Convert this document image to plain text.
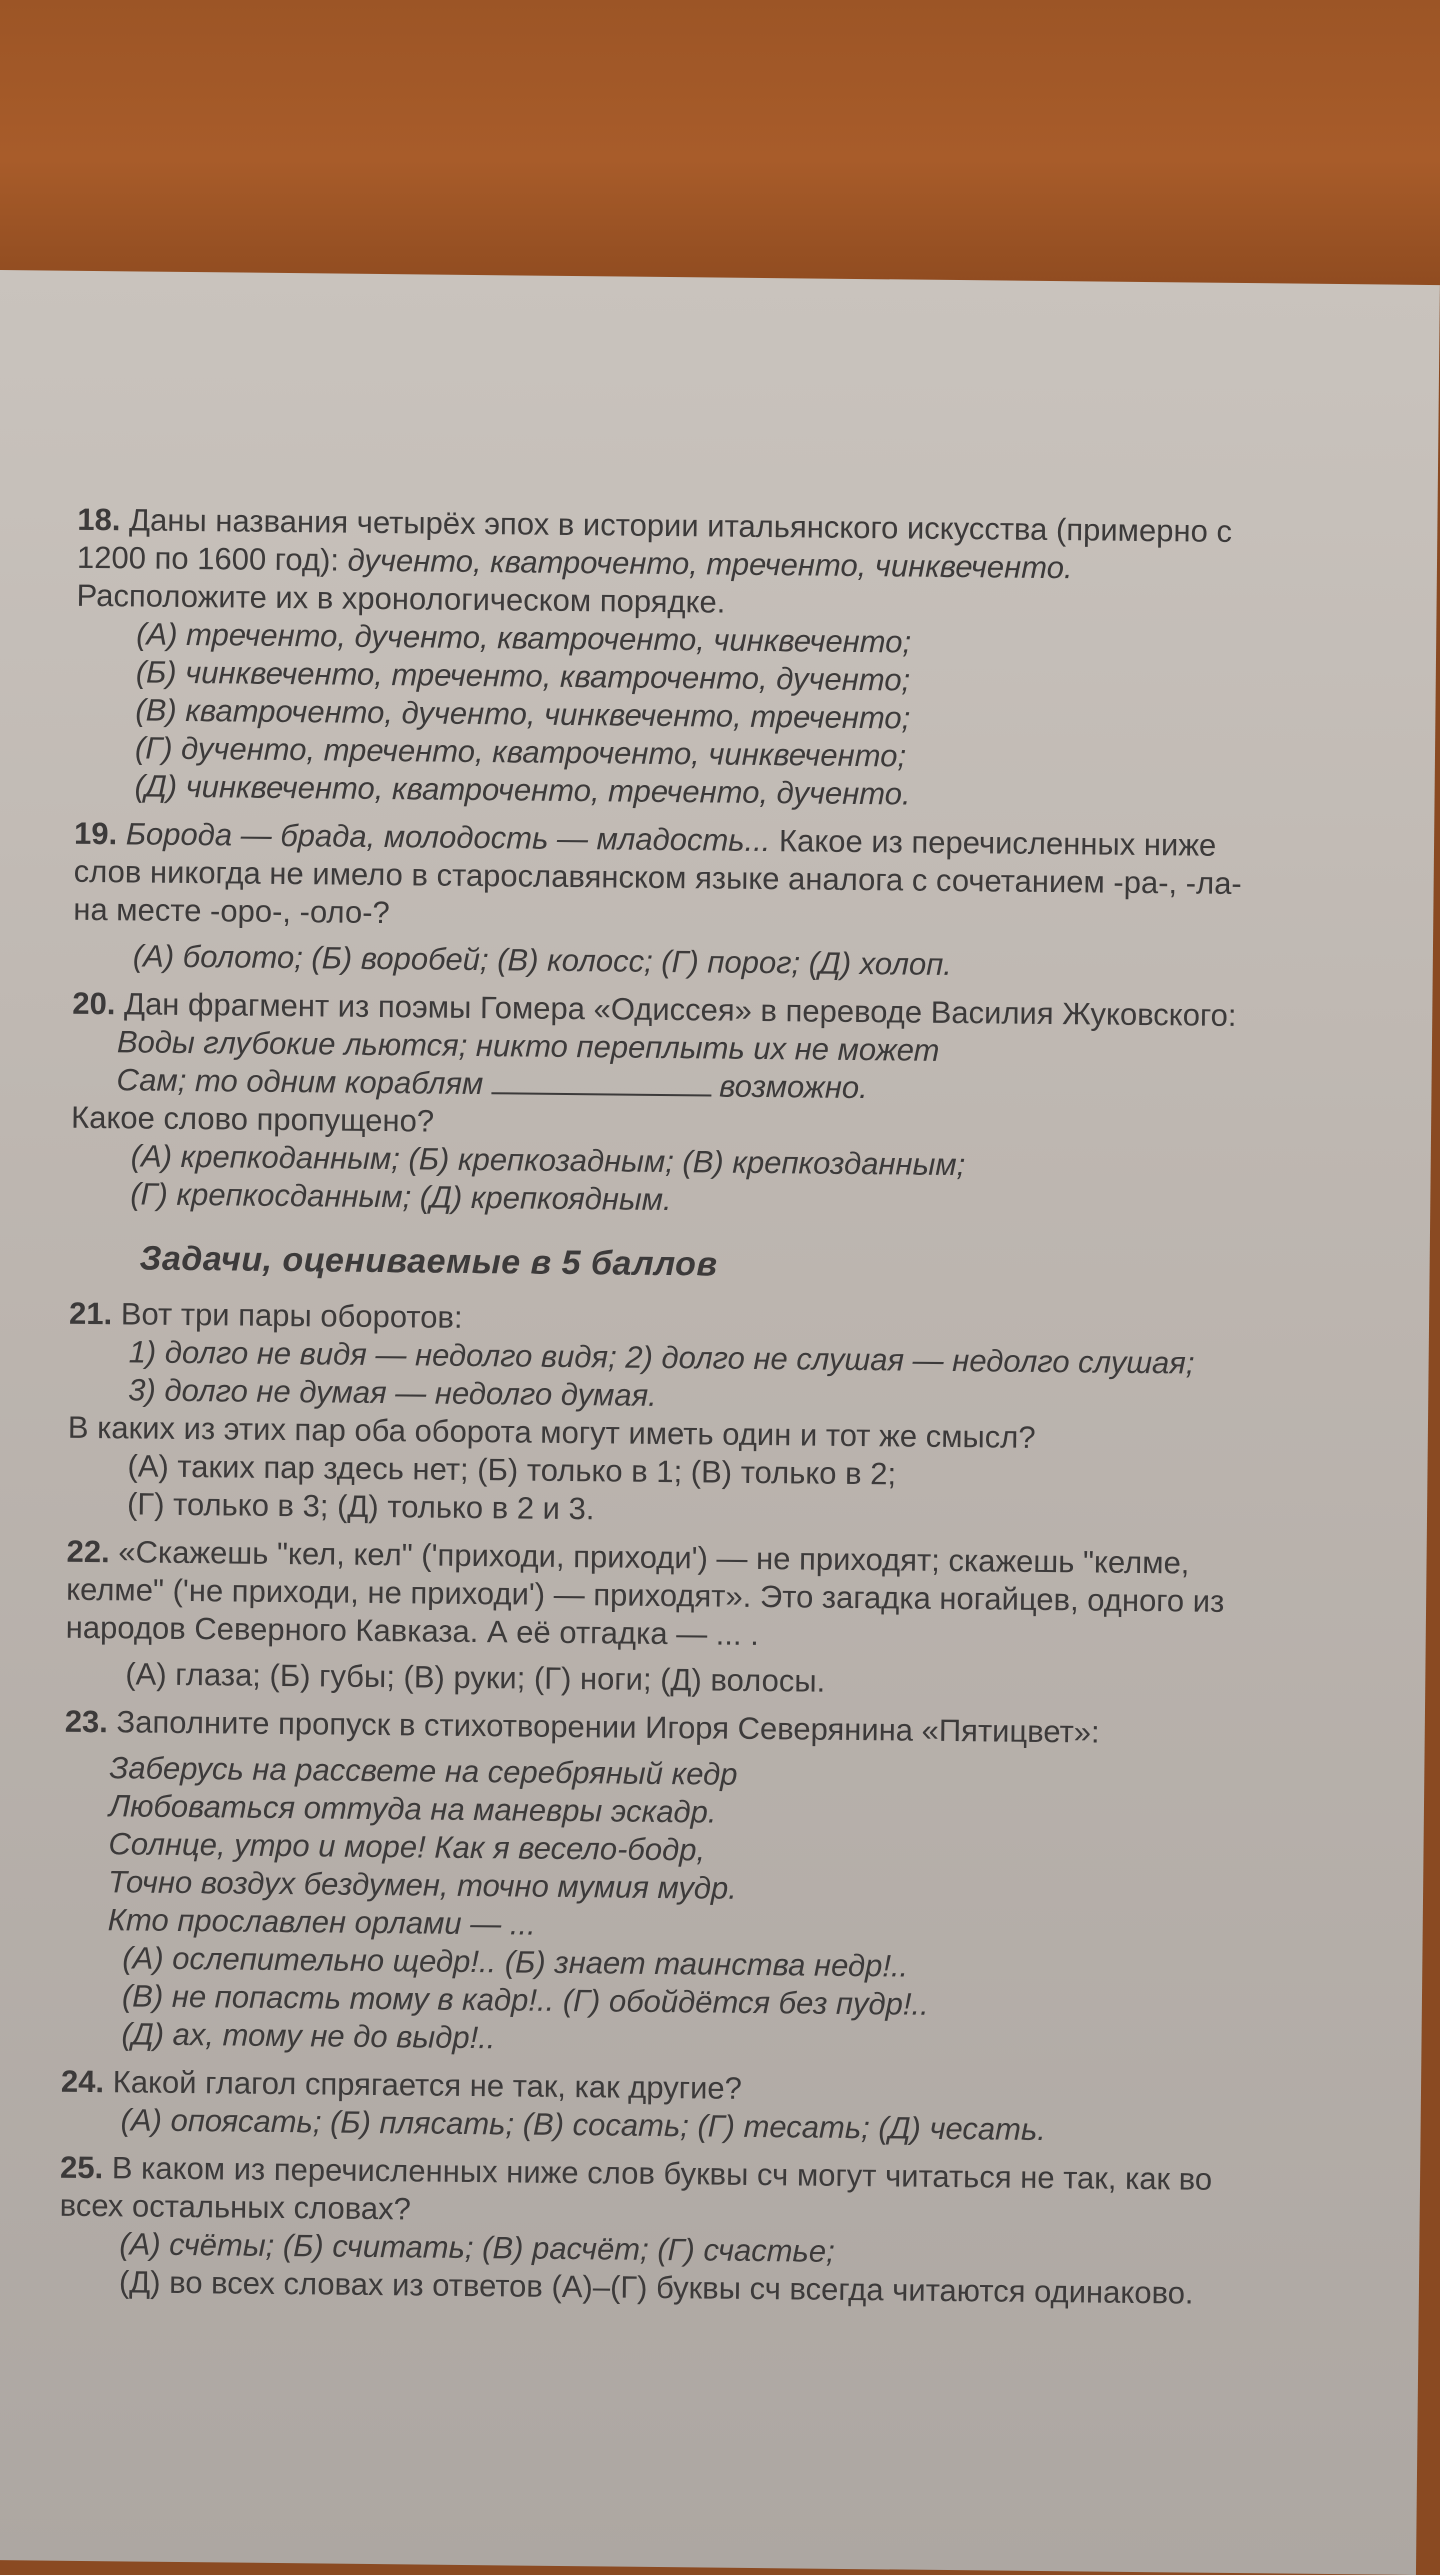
18. Даны названия четырёх эпох в истории итальянского искусства (примерно с

1200 по 1600 год): дученто, кватроченто, треченто, чинквеченто.

Расположите их в хронологическом порядке.

(А) треченто, дученто, кватроченто, чинквеченто;

(Б) чинквеченто, треченто, кватроченто, дученто;

(В) кватроченто, дученто, чинквеченто, треченто;

(Г) дученто, треченто, кватроченто, чинквеченто;

(Д) чинквеченто, кватроченто, треченто, дученто.

19. Борода — брада, молодость — младость... Какое из перечисленных ниже

слов никогда не имело в старославянском языке аналога с сочетанием -ра-, -ла-

на месте -оро-, -оло-?

(А) болото; (Б) воробей; (В) колосс; (Г) порог; (Д) холоп.

20. Дан фрагмент из поэмы Гомера «Одиссея» в переводе Василия Жуковского:

Воды глубокие льются; никто переплыть их не может

Сам; то одним кораблям	возможно.

Какое слово пропущено?

(А) крепкоданным; (Б) крепкозадным; (В) крепкозданным;

(Г) крепкосданным; (Д) крепкоядным.

Задачи, оцениваемые в 5 баллов

21. Вот три пары оборотов:

1) долго не видя — недолго видя; 2) долго не слушая — недолго слушая;

3) долго не думая — недолго думая.

В каких из этих пар оба оборота могут иметь один и тот же смысл?

(А) таких пар здесь нет; (Б) только в 1; (В) только в 2;

(Г) только в 3; (Д) только в 2 и 3.

22. «Скажешь "кел, кел" ('приходи, приходи') — не приходят; скажешь "келме,

келме" ('не приходи, не приходи') — приходят». Это загадка ногайцев, одного из

народов Северного Кавказа. А её отгадка — ... .

(А) глаза; (Б) губы; (В) руки; (Г) ноги; (Д) волосы.

23. Заполните пропуск в стихотворении Игоря Северянина «Пятицвет»:

Заберусь на рассвете на серебряный кедр

Любоваться оттуда на маневры эскадр.

Солнце, утро и море! Как я весело-бодр,

Точно воздух бездумен, точно мумия мудр.

Кто прославлен орлами — ...

(А) ослепительно щедр!.. (Б) знает таинства недр!..

(В) не попасть тому в кадр!.. (Г) обойдётся без пудр!..

(Д) ах, тому не до выдр!..

24. Какой глагол спрягается не так, как другие?

(А) опоясать; (Б) плясать; (В) сосать; (Г) тесать; (Д) чесать.

25. В каком из перечисленных ниже слов буквы сч могут читаться не так, как во

всех остальных словах?

(А) счёты; (Б) считать; (В) расчёт; (Г) счастье;

(Д) во всех словах из ответов (А)–(Г) буквы сч всегда читаются одинаково.
